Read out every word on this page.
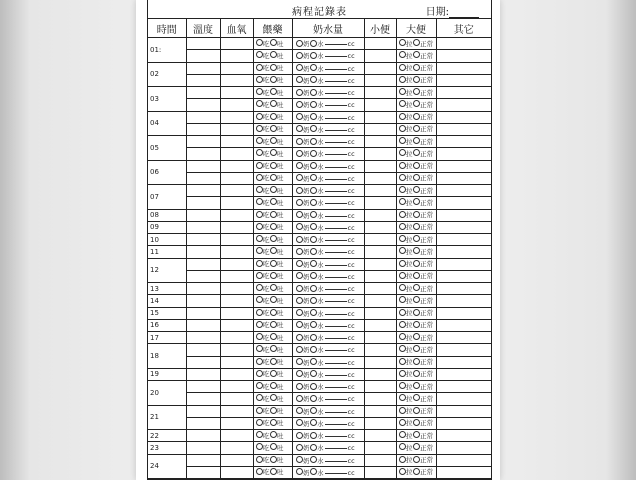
病程記錄表	日期:
時間	溫度	血氧	餵藥	奶水量	小便	大便	其它
01:			吃 吐	奶 水 cc		拉 正常	
			吃 吐	奶 水 cc		拉 正常	
02			吃 吐	奶 水 cc		拉 正常	
			吃 吐	奶 水 cc		拉 正常	
03			吃 吐	奶 水 cc		拉 正常	
			吃 吐	奶 水 cc		拉 正常	
04			吃 吐	奶 水 cc		拉 正常	
			吃 吐	奶 水 cc		拉 正常	
05			吃 吐	奶 水 cc		拉 正常	
			吃 吐	奶 水 cc		拉 正常	
06			吃 吐	奶 水 cc		拉 正常	
			吃 吐	奶 水 cc		拉 正常	
07			吃 吐	奶 水 cc		拉 正常	
			吃 吐	奶 水 cc		拉 正常	
08			吃 吐	奶 水 cc		拉 正常	
09			吃 吐	奶 水 cc		拉 正常	
10			吃 吐	奶 水 cc		拉 正常	
11			吃 吐	奶 水 cc		拉 正常	
12			吃 吐	奶 水 cc		拉 正常	
			吃 吐	奶 水 cc		拉 正常	
13			吃 吐	奶 水 cc		拉 正常	
14			吃 吐	奶 水 cc		拉 正常	
15			吃 吐	奶 水 cc		拉 正常	
16			吃 吐	奶 水 cc		拉 正常	
17			吃 吐	奶 水 cc		拉 正常	
18			吃 吐	奶 水 cc		拉 正常	
			吃 吐	奶 水 cc		拉 正常	
19			吃 吐	奶 水 cc		拉 正常	
20			吃 吐	奶 水 cc		拉 正常	
			吃 吐	奶 水 cc		拉 正常	
21			吃 吐	奶 水 cc		拉 正常	
			吃 吐	奶 水 cc		拉 正常	
22			吃 吐	奶 水 cc		拉 正常	
23			吃 吐	奶 水 cc		拉 正常	
24			吃 吐	奶 水 cc		拉 正常	
			吃 吐	奶 水 cc		拉 正常	
